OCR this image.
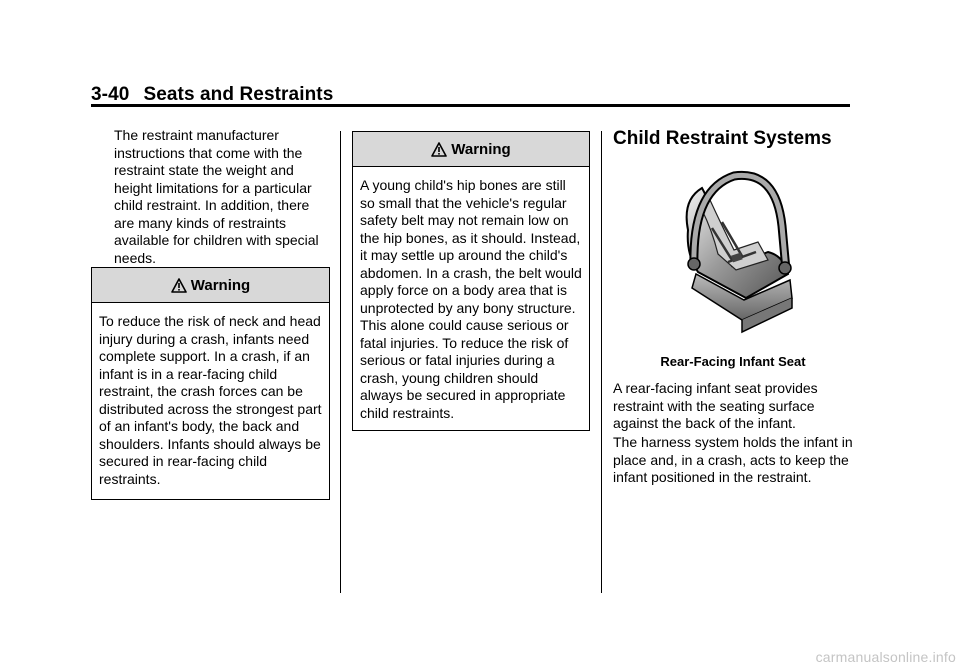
3-40 Seats and Restraints

The restraint manufacturer instructions that come with the restraint state the weight and height limitations for a particular child restraint. In addition, there are many kinds of restraints available for children with special needs.

Warning

To reduce the risk of neck and head injury during a crash, infants need complete support. In a crash, if an infant is in a rear-facing child restraint, the crash forces can be distributed across the strongest part of an infant's body, the back and shoulders. Infants should always be secured in rear-facing child restraints.

Warning

A young child's hip bones are still so small that the vehicle's regular safety belt may not remain low on the hip bones, as it should. Instead, it may settle up around the child's abdomen. In a crash, the belt would apply force on a body area that is unprotected by any bony structure. This alone could cause serious or fatal injuries. To reduce the risk of serious or fatal injuries during a crash, young children should always be secured in appropriate child restraints.

Child Restraint Systems
Rear-Facing Infant Seat

A rear-facing infant seat provides restraint with the seating surface against the back of the infant.

The harness system holds the infant in place and, in a crash, acts to keep the infant positioned in the restraint.

carmanualsonline.info
